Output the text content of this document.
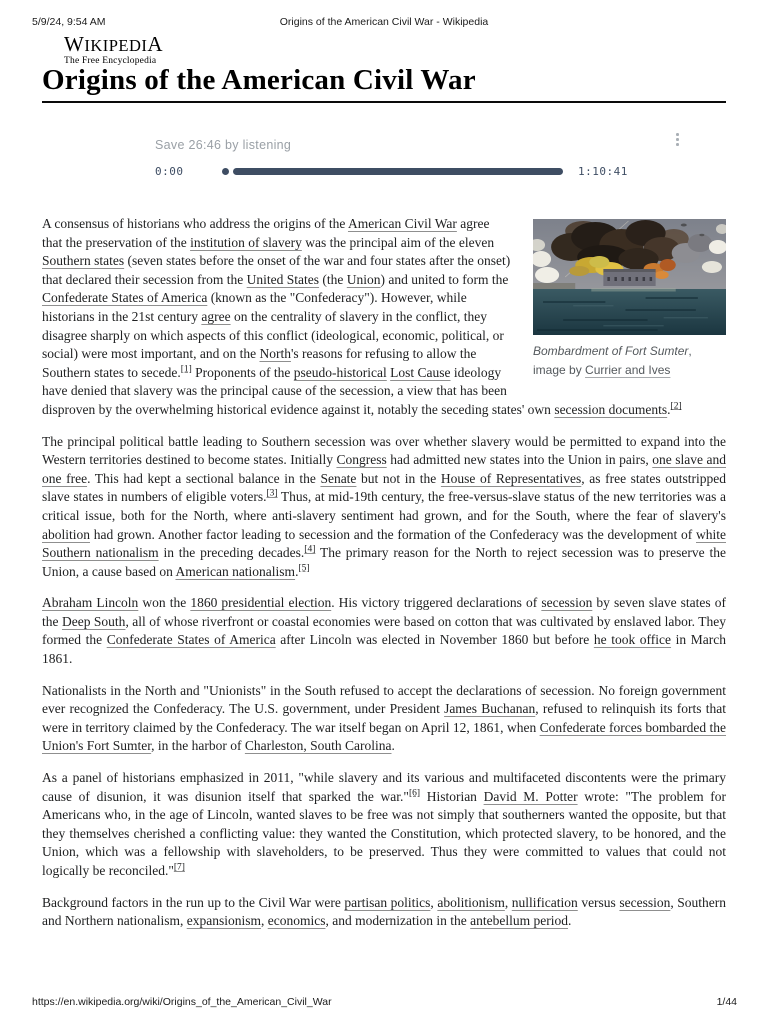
5/9/24, 9:54 AM	Origins of the American Civil War - Wikipedia
WIKIPEDIA
The Free Encyclopedia
Origins of the American Civil War
Save 26:46 by listening
0:00	1:10:41

Bombardment of Fort Sumter, image by Currier and Ives
A consensus of historians who address the origins of the American Civil War agree that the preservation of the institution of slavery was the principal aim of the eleven Southern states (seven states before the onset of the war and four states after the onset) that declared their secession from the United States (the Union) and united to form the Confederate States of America (known as the "Confederacy"). However, while historians in the 21st century agree on the centrality of slavery in the conflict, they disagree sharply on which aspects of this conflict (ideological, economic, political, or social) were most important, and on the North's reasons for refusing to allow the Southern states to secede.[1] Proponents of the pseudo-historical Lost Cause ideology have denied that slavery was the principal cause of the secession, a view that has been disproven by the overwhelming historical evidence against it, notably the seceding states' own secession documents.[2]

The principal political battle leading to Southern secession was over whether slavery would be permitted to expand into the Western territories destined to become states. Initially Congress had admitted new states into the Union in pairs, one slave and one free. This had kept a sectional balance in the Senate but not in the House of Representatives, as free states outstripped slave states in numbers of eligible voters.[3] Thus, at mid-19th century, the free-versus-slave status of the new territories was a critical issue, both for the North, where anti-slavery sentiment had grown, and for the South, where the fear of slavery's abolition had grown. Another factor leading to secession and the formation of the Confederacy was the development of white Southern nationalism in the preceding decades.[4] The primary reason for the North to reject secession was to preserve the Union, a cause based on American nationalism.[5]

Abraham Lincoln won the 1860 presidential election. His victory triggered declarations of secession by seven slave states of the Deep South, all of whose riverfront or coastal economies were based on cotton that was cultivated by enslaved labor. They formed the Confederate States of America after Lincoln was elected in November 1860 but before he took office in March 1861.

Nationalists in the North and "Unionists" in the South refused to accept the declarations of secession. No foreign government ever recognized the Confederacy. The U.S. government, under President James Buchanan, refused to relinquish its forts that were in territory claimed by the Confederacy. The war itself began on April 12, 1861, when Confederate forces bombarded the Union's Fort Sumter, in the harbor of Charleston, South Carolina.

As a panel of historians emphasized in 2011, "while slavery and its various and multifaceted discontents were the primary cause of disunion, it was disunion itself that sparked the war."[6] Historian David M. Potter wrote: "The problem for Americans who, in the age of Lincoln, wanted slaves to be free was not simply that southerners wanted the opposite, but that they themselves cherished a conflicting value: they wanted the Constitution, which protected slavery, to be honored, and the Union, which was a fellowship with slaveholders, to be preserved. Thus they were committed to values that could not logically be reconciled."[7]

Background factors in the run up to the Civil War were partisan politics, abolitionism, nullification versus secession, Southern and Northern nationalism, expansionism, economics, and modernization in the antebellum period.

https://en.wikipedia.org/wiki/Origins_of_the_American_Civil_War	1/44
